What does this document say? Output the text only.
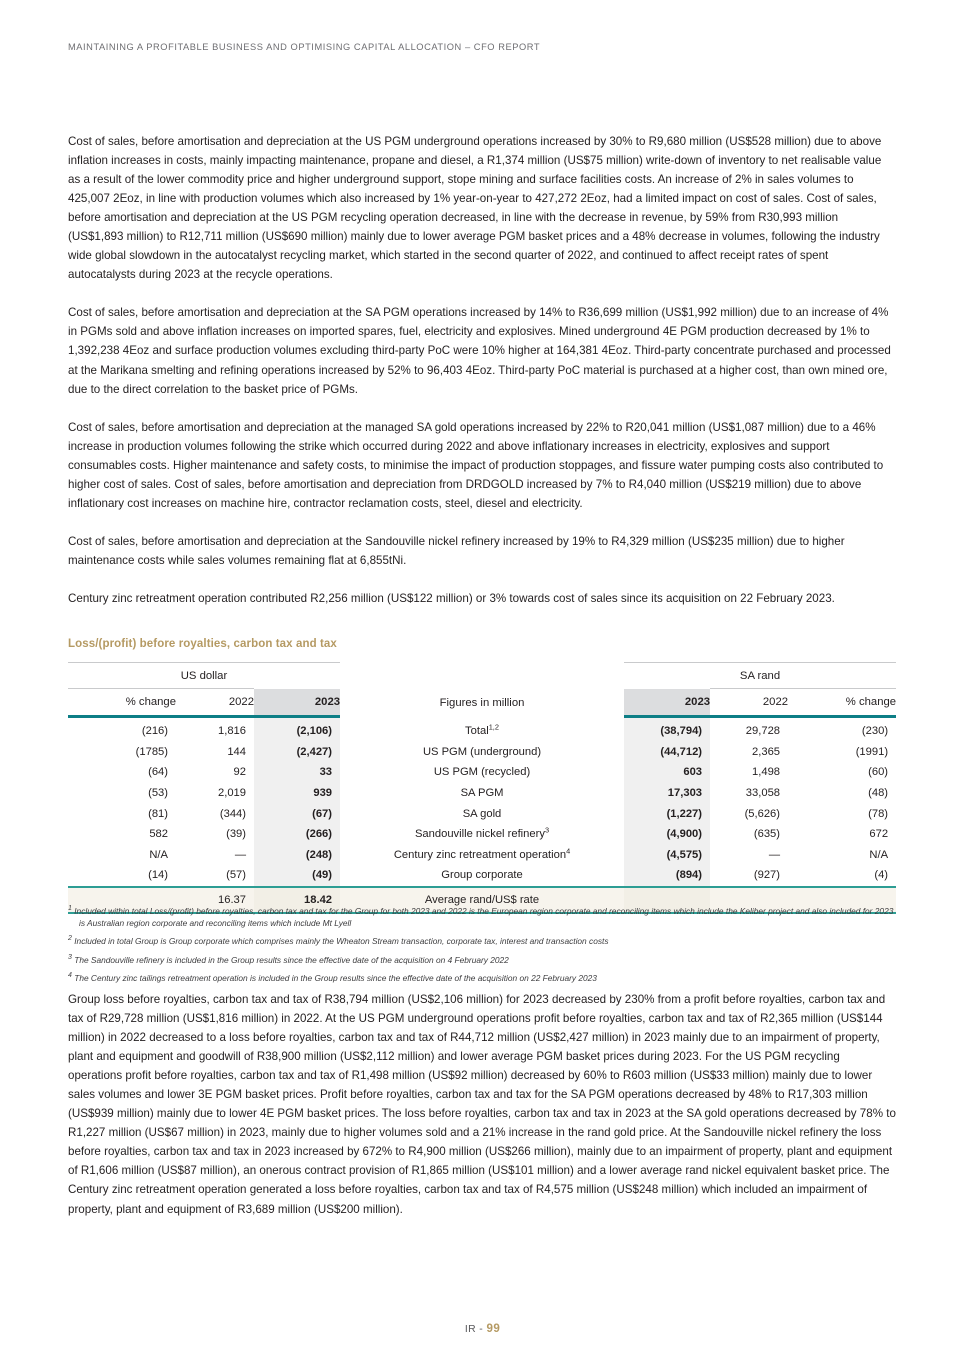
MAINTAINING A PROFITABLE BUSINESS AND OPTIMISING CAPITAL ALLOCATION – CFO REPORT

Cost of sales, before amortisation and depreciation at the US PGM underground operations increased by 30% to R9,680 million (US$528 million) due to above inflation increases in costs, mainly impacting maintenance, propane and diesel, a R1,374 million (US$75 million) write-down of inventory to net realisable value as a result of the lower commodity price and higher underground support, stope mining and surface facilities costs. An increase of 2% in sales volumes to 425,007 2Eoz, in line with production volumes which also increased by 1% year-on-year to 427,272 2Eoz, had a limited impact on cost of sales. Cost of sales, before amortisation and depreciation at the US PGM recycling operation decreased, in line with the decrease in revenue, by 59% from R30,993 million (US$1,893 million) to R12,711 million (US$690 million) mainly due to lower average PGM basket prices and a 48% decrease in volumes, following the industry wide global slowdown in the autocatalyst recycling market, which started in the second quarter of 2022, and continued to affect receipt rates of spent autocatalysts during 2023 at the recycle operations.

Cost of sales, before amortisation and depreciation at the SA PGM operations increased by 14% to R36,699 million (US$1,992 million) due to an increase of 4% in PGMs sold and above inflation increases on imported spares, fuel, electricity and explosives. Mined underground 4E PGM production decreased by 1% to 1,392,238 4Eoz and surface production volumes excluding third-party PoC were 10% higher at 164,381 4Eoz. Third-party concentrate purchased and processed at the Marikana smelting and refining operations increased by 52% to 96,403 4Eoz. Third-party PoC material is purchased at a higher cost, than own mined ore, due to the direct correlation to the basket price of PGMs.

Cost of sales, before amortisation and depreciation at the managed SA gold operations increased by 22% to R20,041 million (US$1,087 million) due to a 46% increase in production volumes following the strike which occurred during 2022 and above inflationary increases in electricity, explosives and support consumables costs. Higher maintenance and safety costs, to minimise the impact of production stoppages, and fissure water pumping costs also contributed to higher cost of sales. Cost of sales, before amortisation and depreciation from DRDGOLD increased by 7% to R4,040 million (US$219 million) due to above inflationary cost increases on machine hire, contractor reclamation costs, steel, diesel and electricity.

Cost of sales, before amortisation and depreciation at the Sandouville nickel refinery increased by 19% to R4,329 million (US$235 million) due to higher maintenance costs while sales volumes remaining flat at 6,855tNi.

Century zinc retreatment operation contributed R2,256 million (US$122 million) or 3% towards cost of sales since its acquisition on 22 February 2023.

Loss/(profit) before royalties, carbon tax and tax
US dollar				SA rand		
% change	2022	2023	Figures in million	2023	2022	% change
(216)	1,816	(2,106)	Total$^{1,2}$	(38,794)	29,728	(230)
(1785)	144	(2,427)	US PGM (underground)	(44,712)	2,365	(1991)
(64)	92	33	US PGM (recycled)	603	1,498	(60)
(53)	2,019	939	SA PGM	17,303	33,058	(48)
(81)	(344)	(67)	SA gold	(1,227)	(5,626)	(78)
582	(39)	(266)	Sandouville nickel refinery$^3$	(4,900)	(635)	672
N/A	—	(248)	Century zinc retreatment operation$^4$	(4,575)	—	N/A
(14)	(57)	(49)	Group corporate	(894)	(927)	(4)
	16.37	18.42	Average rand/US$ rate			

$^1$ Included within total Loss/(profit) before royalties, carbon tax and tax for the Group for both 2023 and 2022 is the European region corporate and reconciling items which include the Keliber project and also included for 2023 is Australian region corporate and reconciling items which include Mt Lyell

$^2$ Included in total Group is Group corporate which comprises mainly the Wheaton Stream transaction, corporate tax, interest and transaction costs

$^3$ The Sandouville refinery is included in the Group results since the effective date of the acquisition on 4 February 2022

$^4$ The Century zinc tailings retreatment operation is included in the Group results since the effective date of the acquisition on 22 February 2023

Group loss before royalties, carbon tax and tax of R38,794 million (US$2,106 million) for 2023 decreased by 230% from a profit before royalties, carbon tax and tax of R29,728 million (US$1,816 million) in 2022. At the US PGM underground operations profit before royalties, carbon tax and tax of R2,365 million (US$144 million) in 2022 decreased to a loss before royalties, carbon tax and tax of R44,712 million (US$2,427 million) in 2023 mainly due to an impairment of property, plant and equipment and goodwill of R38,900 million (US$2,112 million) and lower average PGM basket prices during 2023. For the US PGM recycling operations profit before royalties, carbon tax and tax of R1,498 million (US$92 million) decreased by 60% to R603 million (US$33 million) mainly due to lower sales volumes and lower 3E PGM basket prices. Profit before royalties, carbon tax and tax for the SA PGM operations decreased by 48% to R17,303 million (US$939 million) mainly due to lower 4E PGM basket prices. The loss before royalties, carbon tax and tax in 2023 at the SA gold operations decreased by 78% to R1,227 million (US$67 million) in 2023, mainly due to higher volumes sold and a 21% increase in the rand gold price. At the Sandouville nickel refinery the loss before royalties, carbon tax and tax in 2023 increased by 672% to R4,900 million (US$266 million), mainly due to an impairment of property, plant and equipment of R1,606 million (US$87 million), an onerous contract provision of R1,865 million (US$101 million) and a lower average rand nickel equivalent basket price. The Century zinc retreatment operation generated a loss before royalties, carbon tax and tax of R4,575 million (US$248 million) which included an impairment of property, plant and equipment of R3,689 million (US$200 million).

IR - 99
